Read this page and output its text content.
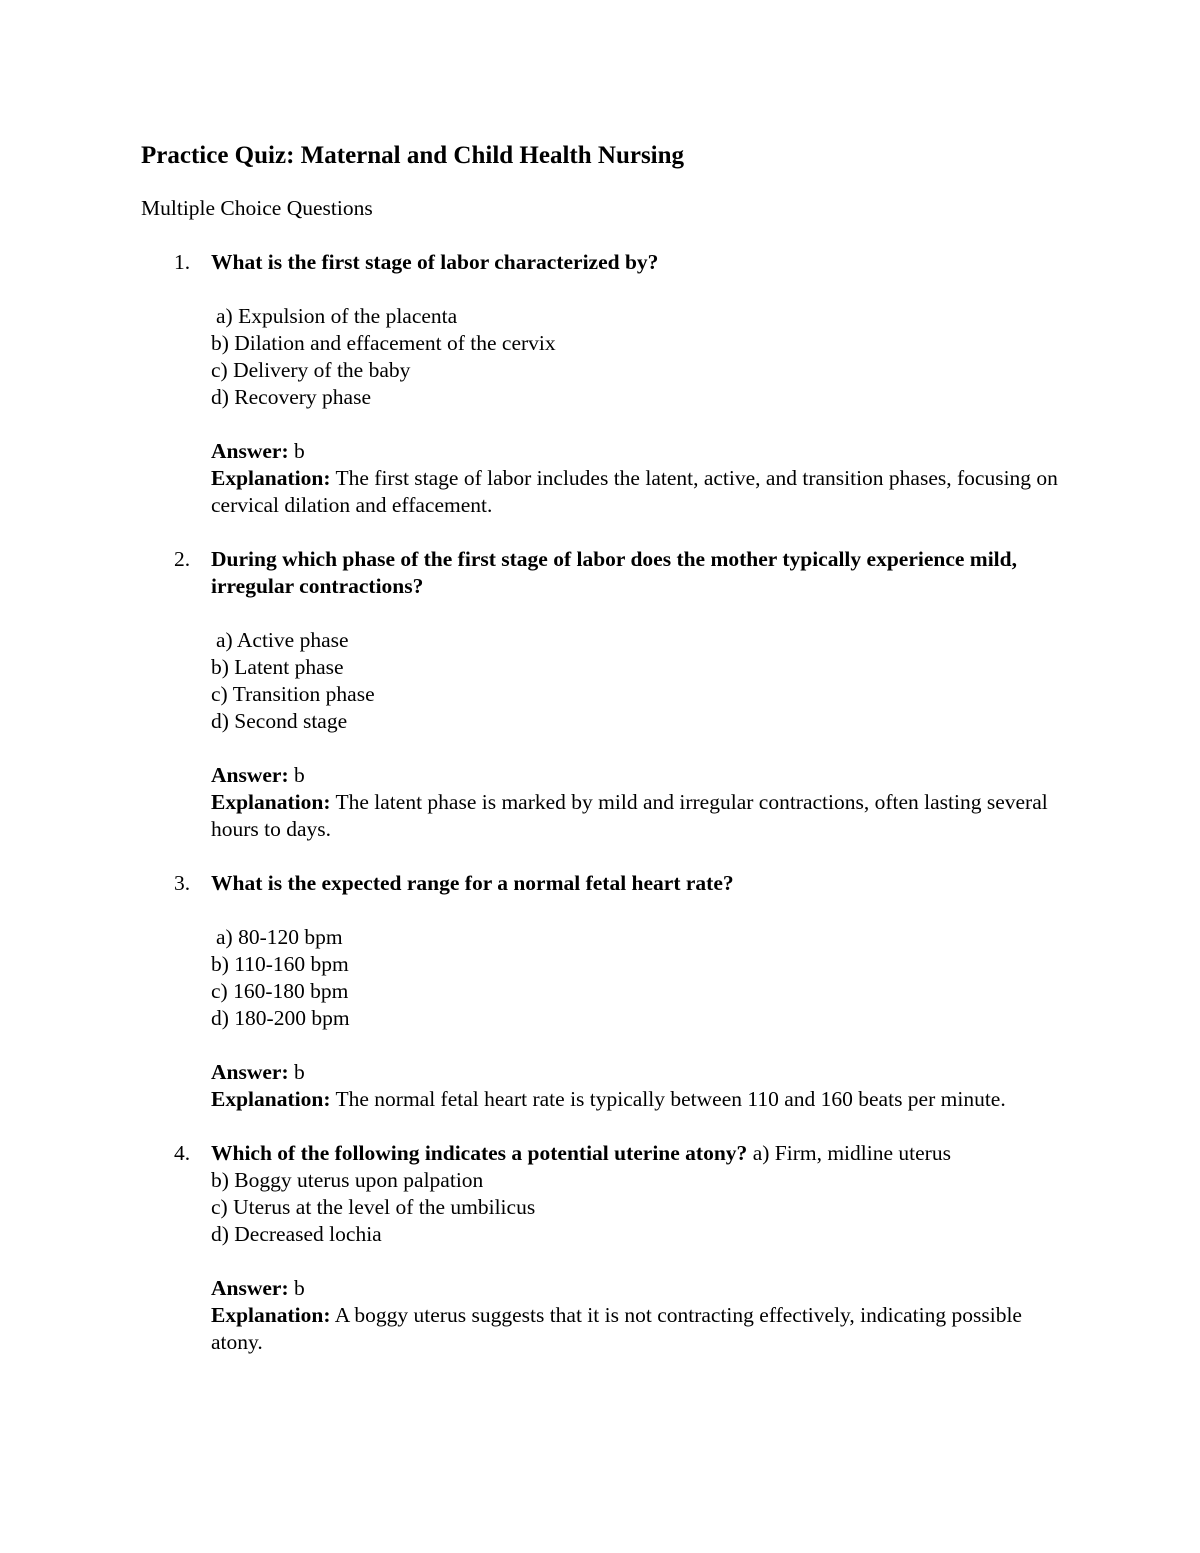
Practice Quiz: Maternal and Child Health Nursing
Multiple Choice Questions
1. What is the first stage of labor characterized by?
a) Expulsion of the placenta
b) Dilation and effacement of the cervix
c) Delivery of the baby
d) Recovery phase
Answer: b
Explanation: The first stage of labor includes the latent, active, and transition phases, focusing on cervical dilation and effacement.
2. During which phase of the first stage of labor does the mother typically experience mild, irregular contractions?
a) Active phase
b) Latent phase
c) Transition phase
d) Second stage
Answer: b
Explanation: The latent phase is marked by mild and irregular contractions, often lasting several hours to days.
3. What is the expected range for a normal fetal heart rate?
a) 80-120 bpm
b) 110-160 bpm
c) 160-180 bpm
d) 180-200 bpm
Answer: b
Explanation: The normal fetal heart rate is typically between 110 and 160 beats per minute.
4. Which of the following indicates a potential uterine atony? a) Firm, midline uterus
b) Boggy uterus upon palpation
c) Uterus at the level of the umbilicus
d) Decreased lochia
Answer: b
Explanation: A boggy uterus suggests that it is not contracting effectively, indicating possible atony.
